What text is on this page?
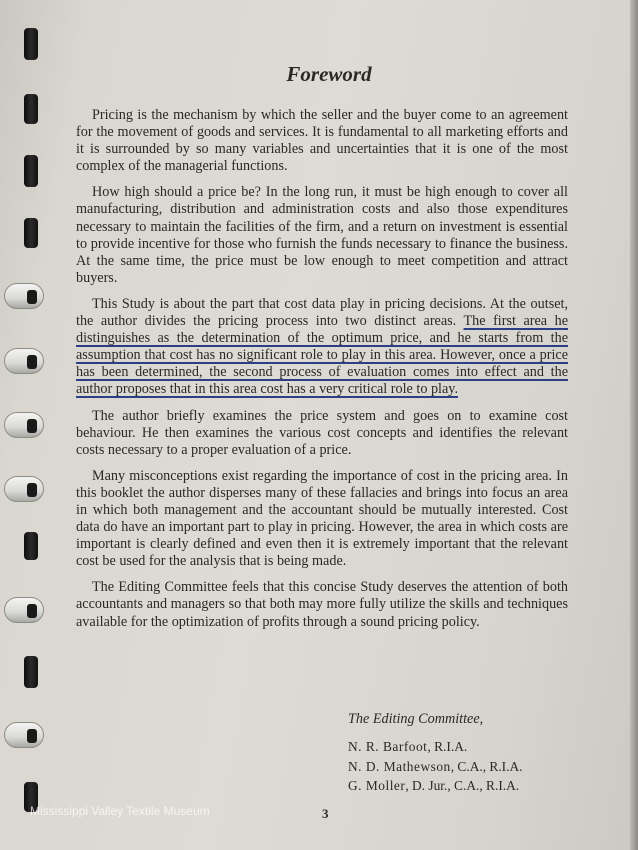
Foreword

Pricing is the mechanism by which the seller and the buyer come to an agreement for the movement of goods and services. It is fundamental to all marketing efforts and it is surrounded by so many variables and uncertainties that it is one of the most complex of the managerial functions.

How high should a price be? In the long run, it must be high enough to cover all manufacturing, distribution and administration costs and also those expenditures necessary to maintain the facilities of the firm, and a return on investment is essential to provide incentive for those who furnish the funds necessary to finance the business. At the same time, the price must be low enough to meet competition and attract buyers.

This Study is about the part that cost data play in pricing decisions. At the outset, the author divides the pricing process into two distinct areas. The first area he distinguishes as the determination of the optimum price, and he starts from the assumption that cost has no significant role to play in this area. However, once a price has been determined, the second process of evaluation comes into effect and the author proposes that in this area cost has a very critical role to play.

The author briefly examines the price system and goes on to examine cost behaviour. He then examines the various cost concepts and identifies the relevant costs necessary to a proper evaluation of a price.

Many misconceptions exist regarding the importance of cost in the pricing area. In this booklet the author disperses many of these fallacies and brings into focus an area in which both management and the accountant should be mutually interested. Cost data do have an important part to play in pricing. However, the area in which costs are important is clearly defined and even then it is extremely important that the relevant cost be used for the analysis that is being made.

The Editing Committee feels that this concise Study deserves the attention of both accountants and managers so that both may more fully utilize the skills and techniques available for the optimization of profits through a sound pricing policy.

The Editing Committee,
N. R. Barfoot, R.I.A.
N. D. Mathewson, C.A., R.I.A.
G. Moller, D. Jur., C.A., R.I.A.
3
Mississippi Valley Textile Museum
